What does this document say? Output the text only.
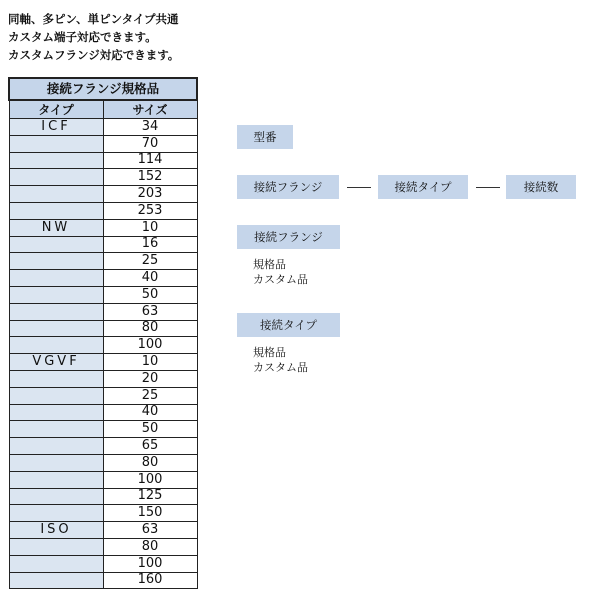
同軸、多ピン、単ピンタイプ共通
カスタム端子対応できます。
カスタムフランジ対応できます。
接続フランジ規格品	
タイプ	サイズ
ICF	34
	70
	114
	152
	203
	253
NW	10
	16
	25
	40
	50
	63
	80
	100
VGVF	10
	20
	25
	40
	50
	65
	80
	100
	125
	150
ISO	63
	80
	100
	160
型番
接続フランジ	接続タイプ	接続数
接続フランジ
規格品
カスタム品
接続タイプ
規格品
カスタム品
